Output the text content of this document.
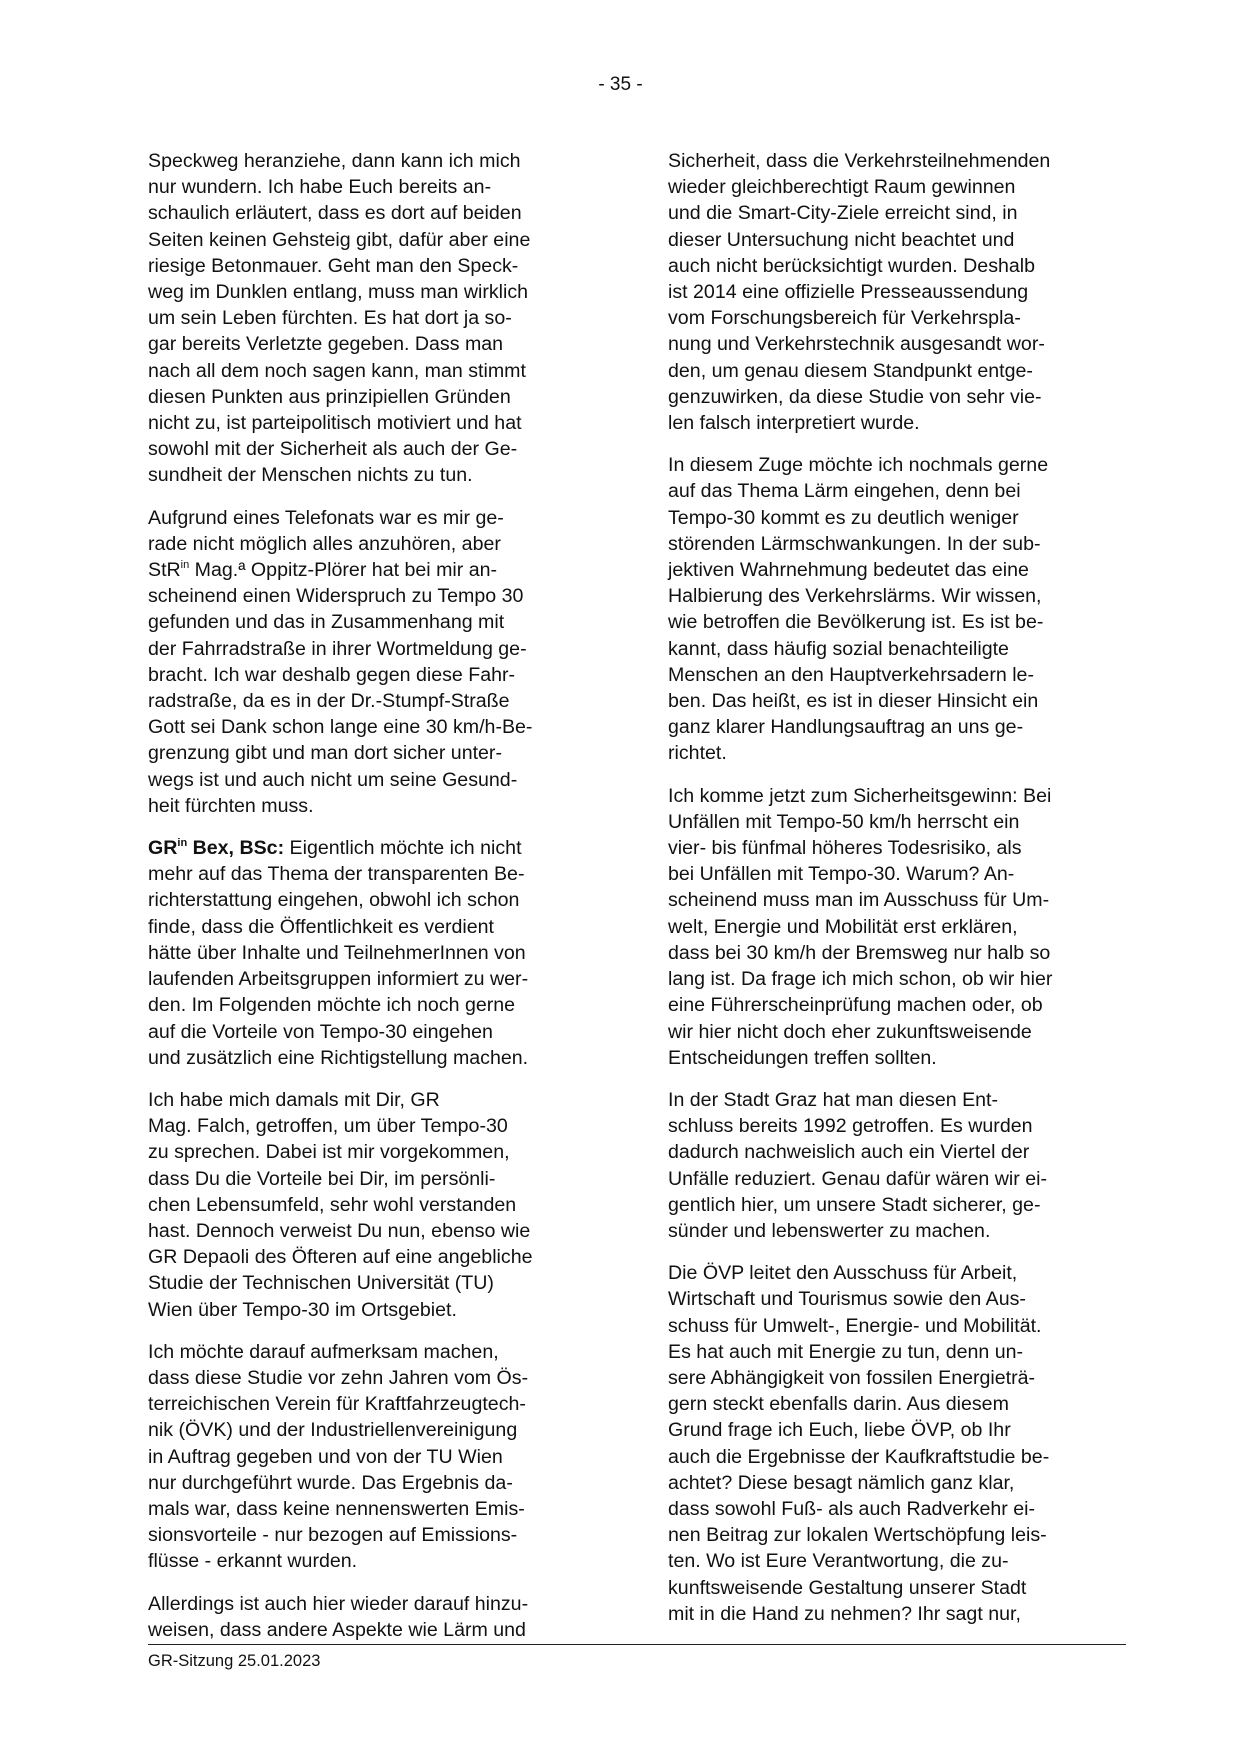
- 35 -
Speckweg heranziehe, dann kann ich mich
nur wundern. Ich habe Euch bereits an-
schaulich erläutert, dass es dort auf beiden
Seiten keinen Gehsteig gibt, dafür aber eine
riesige Betonmauer. Geht man den Speck-
weg im Dunklen entlang, muss man wirklich
um sein Leben fürchten. Es hat dort ja so-
gar bereits Verletzte gegeben. Dass man
nach all dem noch sagen kann, man stimmt
diesen Punkten aus prinzipiellen Gründen
nicht zu, ist parteipolitisch motiviert und hat
sowohl mit der Sicherheit als auch der Ge-
sundheit der Menschen nichts zu tun.
Aufgrund eines Telefonats war es mir ge-
rade nicht möglich alles anzuhören, aber
StR$^{in}$ Mag.ª Oppitz-Plörer hat bei mir an-
scheinend einen Widerspruch zu Tempo 30
gefunden und das in Zusammenhang mit
der Fahrradstraße in ihrer Wortmeldung ge-
bracht. Ich war deshalb gegen diese Fahr-
radstraße, da es in der Dr.-Stumpf-Straße
Gott sei Dank schon lange eine 30 km/h-Be-
grenzung gibt und man dort sicher unter-
wegs ist und auch nicht um seine Gesund-
heit fürchten muss.
$GR^{in}$ Bex, BSc: Eigentlich möchte ich nicht
mehr auf das Thema der transparenten Be-
richterstattung eingehen, obwohl ich schon
finde, dass die Öffentlichkeit es verdient
hätte über Inhalte und TeilnehmerInnen von
laufenden Arbeitsgruppen informiert zu wer-
den. Im Folgenden möchte ich noch gerne
auf die Vorteile von Tempo-30 eingehen
und zusätzlich eine Richtigstellung machen.
Ich habe mich damals mit Dir, GR
Mag. Falch, getroffen, um über Tempo-30
zu sprechen. Dabei ist mir vorgekommen,
dass Du die Vorteile bei Dir, im persönli-
chen Lebensumfeld, sehr wohl verstanden
hast. Dennoch verweist Du nun, ebenso wie
GR Depaoli des Öfteren auf eine angebliche
Studie der Technischen Universität (TU)
Wien über Tempo-30 im Ortsgebiet.
Ich möchte darauf aufmerksam machen,
dass diese Studie vor zehn Jahren vom Ös-
terreichischen Verein für Kraftfahrzeugtech-
nik (ÖVK) und der Industriellenvereinigung
in Auftrag gegeben und von der TU Wien
nur durchgeführt wurde. Das Ergebnis da-
mals war, dass keine nennenswerten Emis-
sionsvorteile - nur bezogen auf Emissions-
flüsse - erkannt wurden.
Allerdings ist auch hier wieder darauf hinzu-
weisen, dass andere Aspekte wie Lärm und
Sicherheit, dass die Verkehrsteilnehmenden
wieder gleichberechtigt Raum gewinnen
und die Smart-City-Ziele erreicht sind, in
dieser Untersuchung nicht beachtet und
auch nicht berücksichtigt wurden. Deshalb
ist 2014 eine offizielle Presseaussendung
vom Forschungsbereich für Verkehrspla-
nung und Verkehrstechnik ausgesandt wor-
den, um genau diesem Standpunkt entge-
genzuwirken, da diese Studie von sehr vie-
len falsch interpretiert wurde.
In diesem Zuge möchte ich nochmals gerne
auf das Thema Lärm eingehen, denn bei
Tempo-30 kommt es zu deutlich weniger
störenden Lärmschwankungen. In der sub-
jektiven Wahrnehmung bedeutet das eine
Halbierung des Verkehrslärms. Wir wissen,
wie betroffen die Bevölkerung ist. Es ist be-
kannt, dass häufig sozial benachteiligte
Menschen an den Hauptverkehrsadern le-
ben. Das heißt, es ist in dieser Hinsicht ein
ganz klarer Handlungsauftrag an uns ge-
richtet.
Ich komme jetzt zum Sicherheitsgewinn: Bei
Unfällen mit Tempo-50 km/h herrscht ein
vier- bis fünfmal höheres Todesrisiko, als
bei Unfällen mit Tempo-30. Warum? An-
scheinend muss man im Ausschuss für Um-
welt, Energie und Mobilität erst erklären,
dass bei 30 km/h der Bremsweg nur halb so
lang ist. Da frage ich mich schon, ob wir hier
eine Führerscheinprüfung machen oder, ob
wir hier nicht doch eher zukunftsweisende
Entscheidungen treffen sollten.
In der Stadt Graz hat man diesen Ent-
schluss bereits 1992 getroffen. Es wurden
dadurch nachweislich auch ein Viertel der
Unfälle reduziert. Genau dafür wären wir ei-
gentlich hier, um unsere Stadt sicherer, ge-
sünder und lebenswerter zu machen.
Die ÖVP leitet den Ausschuss für Arbeit,
Wirtschaft und Tourismus sowie den Aus-
schuss für Umwelt-, Energie- und Mobilität.
Es hat auch mit Energie zu tun, denn un-
sere Abhängigkeit von fossilen Energieträ-
gern steckt ebenfalls darin. Aus diesem
Grund frage ich Euch, liebe ÖVP, ob Ihr
auch die Ergebnisse der Kaufkraftstudie be-
achtet? Diese besagt nämlich ganz klar,
dass sowohl Fuß- als auch Radverkehr ei-
nen Beitrag zur lokalen Wertschöpfung leis-
ten. Wo ist Eure Verantwortung, die zu-
kunftsweisende Gestaltung unserer Stadt
mit in die Hand zu nehmen? Ihr sagt nur,
GR-Sitzung 25.01.2023
